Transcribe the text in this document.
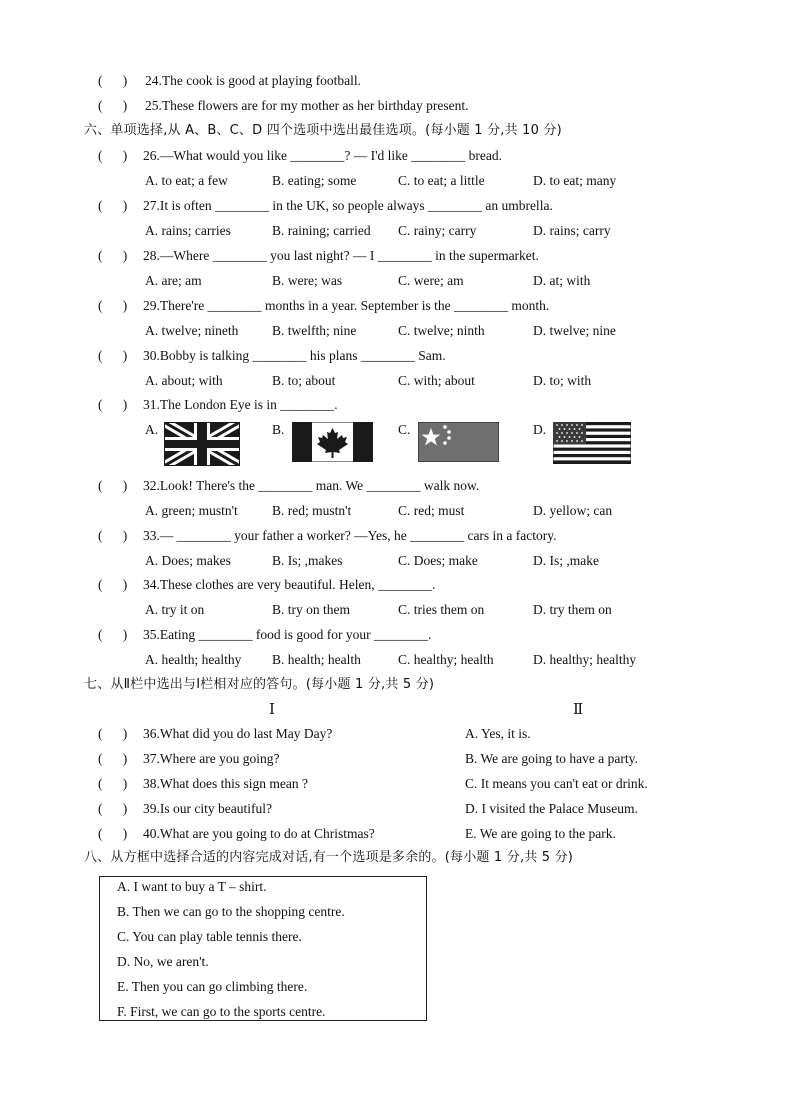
( ) 24.The cook is good at playing football.
( ) 25.These flowers are for my mother as her birthday present.
六、单项选择,从 A、B、C、D 四个选项中选出最佳选项。(每小题 1 分,共 10 分)
(      ) 26.—What would you like ________? — I'd like ________ bread.
A. to eat; a few	B. eating; some	C. to eat; a little	D. to eat; many
(      ) 27.It is often ________ in the UK, so people always ________ an umbrella.
A. rains; carries	B. raining; carried C. rainy; carry	D. rains; carry
(      ) 28.—Where ________ you last night? — I ________ in the supermarket.
A. are; am	B. were; was	C. were; am	D. at; with
(      ) 29.There're ________ months in a year. September is the ________ month.
A. twelve; nineth B. twelfth; nine	C. twelve; ninth	D. twelve; nine
(      ) 30.Bobby is talking ________ his plans ________ Sam.
A. about; with	B. to; about	C. with; about	D. to; with
(      ) 31.The London Eye is in ________.
A.	B.	C.	D.
(      ) 32.Look! There's the ________ man. We ________ walk now.
A. green; mustn't	B. red; mustn't	C. red; must	D. yellow; can
(      ) 33.— ________ your father a worker? —Yes, he ________ cars in a factory.
A. Does; makes	B. Is; ,makes	C. Does; make	D. Is; ,make
(      ) 34.These clothes are very beautiful. Helen, ________.
A. try it on	B. try on them	C. tries them on	D. try them on
(      ) 35.Eating ________ food is good for your ________.
A. health; healthy B. health; health	C. healthy; health	D. healthy; healthy
七、从Ⅱ栏中选出与Ⅰ栏相对应的答句。(每小题 1 分,共 5 分)
Ⅰ	Ⅱ
(      ) 36.What did you do last May Day?	A. Yes, it is.
(      ) 37.Where are you going?	B. We are going to have a party.
(      ) 38.What does this sign mean ?	C. It means you can't eat or drink.
(      ) 39.Is our city beautiful?	D. I visited the Palace Museum.
(      ) 40.What are you going to do at Christmas?	E. We are going to the park.
八、从方框中选择合适的内容完成对话,有一个选项是多余的。(每小题 1 分,共 5 分)
A. I want to buy a T – shirt.
B. Then we can go to the shopping centre.
C. You can play table tennis there.
D. No, we aren't.
E. Then you can go climbing there.
F. First, we can go to the sports centre.
